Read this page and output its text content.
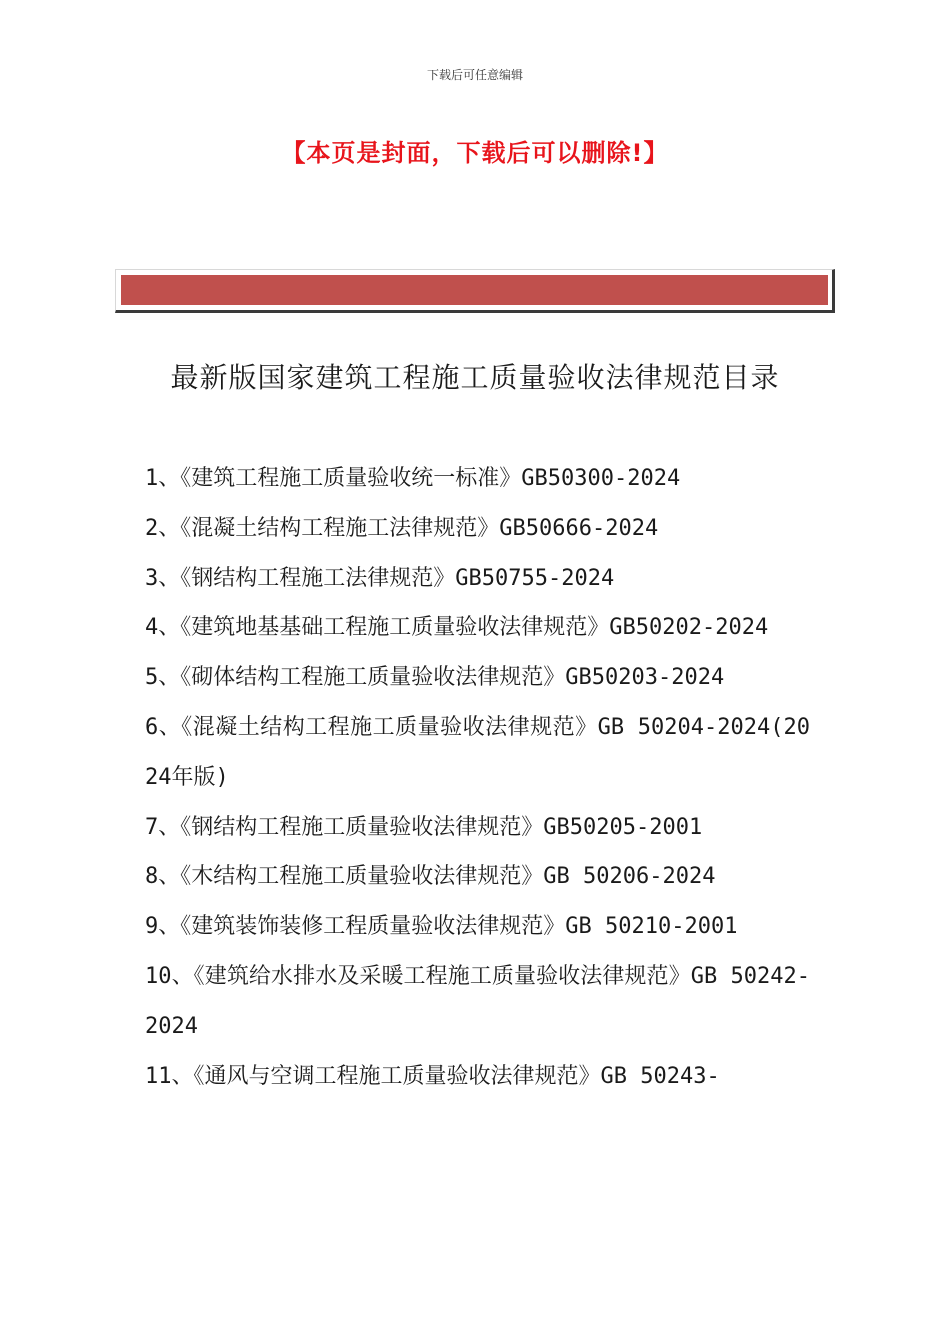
下载后可任意编辑
【本页是封面，下载后可以删除!】
最新版国家建筑工程施工质量验收法律规范目录
1、《建筑工程施工质量验收统一标准》GB50300-2024
2、《混凝土结构工程施工法律规范》GB50666-2024
3、《钢结构工程施工法律规范》GB50755-2024
4、《建筑地基基础工程施工质量验收法律规范》GB50202-2024
5、《砌体结构工程施工质量验收法律规范》GB50203-2024
6、《混凝土结构工程施工质量验收法律规范》GB 50204-2024(2024年版)
7、《钢结构工程施工质量验收法律规范》GB50205-2001
8、《木结构工程施工质量验收法律规范》GB 50206-2024
9、《建筑装饰装修工程质量验收法律规范》GB 50210-2001
10、《建筑给水排水及采暖工程施工质量验收法律规范》GB 50242-2024
11、《通风与空调工程施工质量验收法律规范》GB 50243-
